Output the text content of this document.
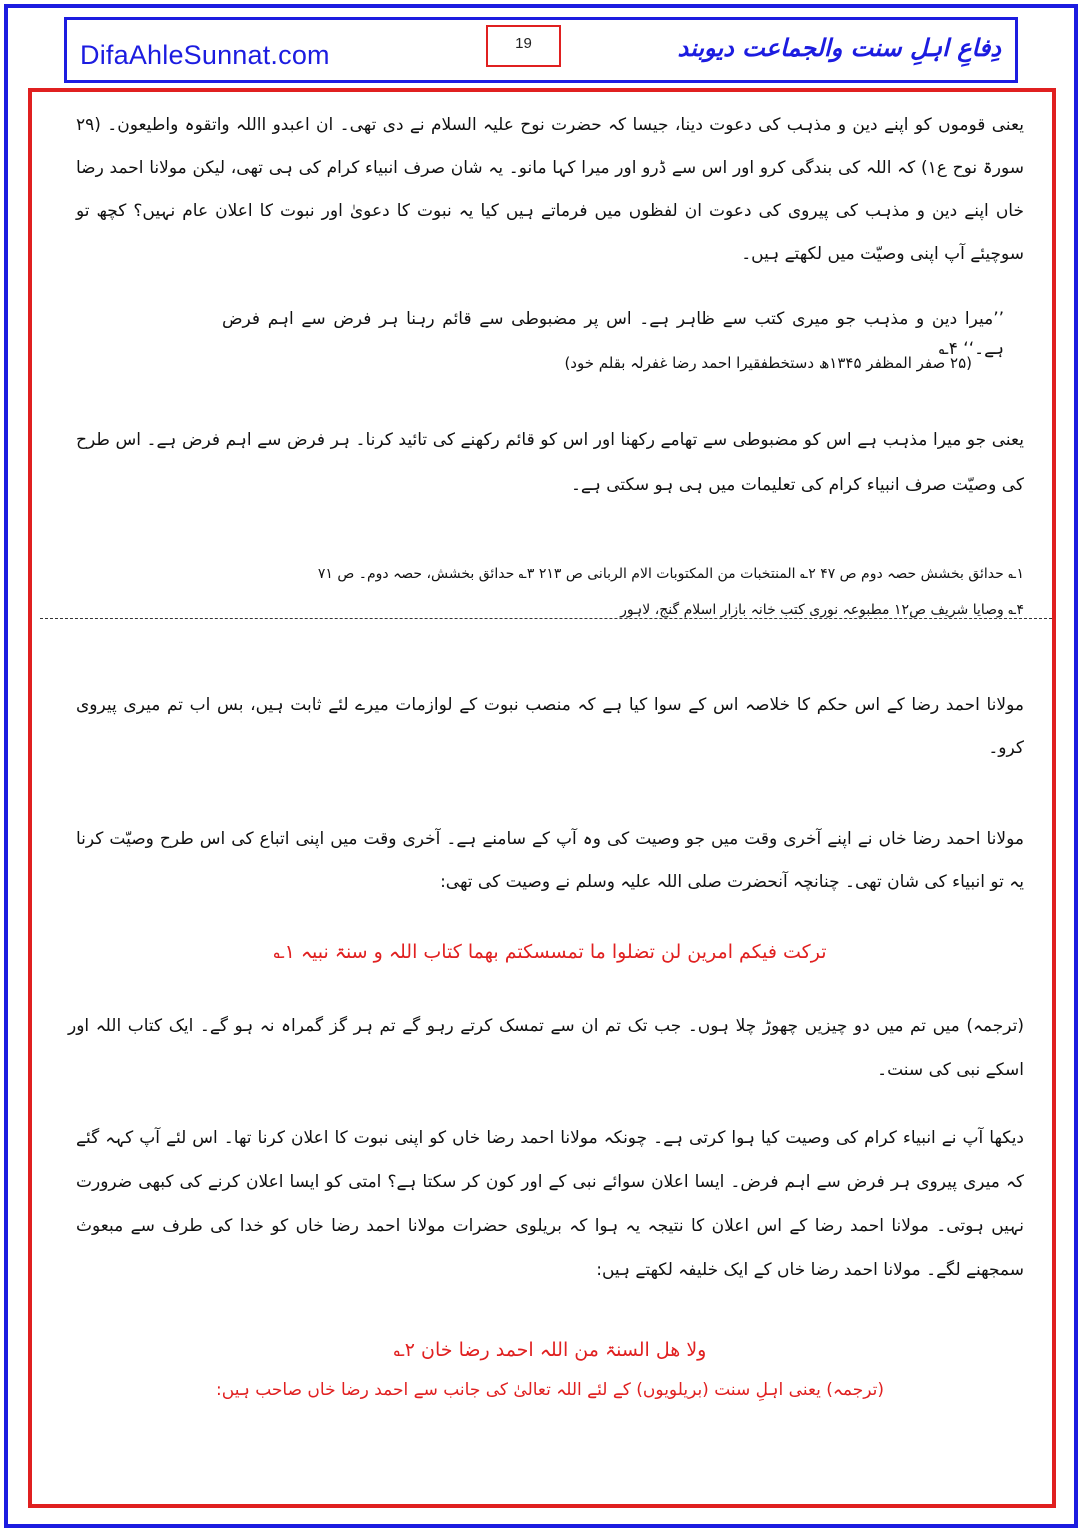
DifaAhleSunnat.com	19	دِفاعِ اہلِ سنت والجماعت دیوبند

یعنی قوموں کو اپنے دین و مذہب کی دعوت دینا، جیسا کہ حضرت نوح علیہ السلام نے دی تھی۔ ان اعبدو االلہ واتقوہ واطیعون۔ (۲۹ سورۃ نوح ع۱) کہ اللہ کی بندگی کرو اور اس سے ڈرو اور میرا کہا مانو۔ یہ شان صرف انبیاء کرام کی ہی تھی، لیکن مولانا احمد رضا خاں اپنے دین و مذہب کی پیروی کی دعوت ان لفظوں میں فرماتے ہیں کیا یہ نبوت کا دعویٰ اور نبوت کا اعلان عام نہیں؟ کچھ تو سوچیئے آپ اپنی وصیّت میں لکھتے ہیں۔

’’میرا دین و مذہب جو میری کتب سے ظاہر ہے۔ اس پر مضبوطی سے قائم رہنا ہر فرض سے اہم فرض ہے۔‘‘ ۴؎

(۲۵ صفر المظفر ۱۳۴۵ھ دستخطفقیرا احمد رضا غفرلہ بقلم خود)

یعنی جو میرا مذہب ہے اس کو مضبوطی سے تھامے رکھنا اور اس کو قائم رکھنے کی تائید کرنا۔ ہر فرض سے اہم فرض ہے۔ اس طرح کی وصیّت صرف انبیاء کرام کی تعلیمات میں ہی ہو سکتی ہے۔

۱؎ حدائق بخشش حصہ دوم ص ۴۷ ۲؎ المنتخبات من المکتوبات الام الربانی ص ۲۱۳ ۳؎ حدائق بخشش، حصہ دوم۔ ص ۷۱

۴؎ وصایا شریف ص۱۲ مطبوعہ نوری کتب خانہ بازار اسلام گنج، لاہور

مولانا احمد رضا کے اس حکم کا خلاصہ اس کے سوا کیا ہے کہ منصب نبوت کے لوازمات میرے لئے ثابت ہیں، بس اب تم میری پیروی کرو۔

مولانا احمد رضا خاں نے اپنے آخری وقت میں جو وصیت کی وہ آپ کے سامنے ہے۔ آخری وقت میں اپنی اتباع کی اس طرح وصیّت کرنا یہ تو انبیاء کی شان تھی۔ چنانچہ آنحضرت صلی اللہ علیہ وسلم نے وصیت کی تھی:

ترکت فیکم امرین لن تضلوا ما تمسسکتم بھما کتاب اللہ و سنۃ نبیہ ۱؎

(ترجمہ) میں تم میں دو چیزیں چھوڑ چلا ہوں۔ جب تک تم ان سے تمسک کرتے رہو گے تم ہر گز گمراہ نہ ہو گے۔ ایک کتاب اللہ اور اسکے نبی کی سنت۔

دیکھا آپ نے انبیاء کرام کی وصیت کیا ہوا کرتی ہے۔ چونکہ مولانا احمد رضا خاں کو اپنی نبوت کا اعلان کرنا تھا۔ اس لئے آپ کہہ گئے کہ میری پیروی ہر فرض سے اہم فرض۔ ایسا اعلان سوائے نبی کے اور کون کر سکتا ہے؟ امتی کو ایسا اعلان کرنے کی کبھی ضرورت نہیں ہوتی۔ مولانا احمد رضا کے اس اعلان کا نتیجہ یہ ہوا کہ بریلوی حضرات مولانا احمد رضا خاں کو خدا کی طرف سے مبعوث سمجھنے لگے۔ مولانا احمد رضا خاں کے ایک خلیفہ لکھتے ہیں:

ولا ھل السنۃ من اللہ احمد رضا خان ۲؎

(ترجمہ) یعنی اہلِ سنت (بریلویوں) کے لئے اللہ تعالیٰ کی جانب سے احمد رضا خاں صاحب ہیں:
